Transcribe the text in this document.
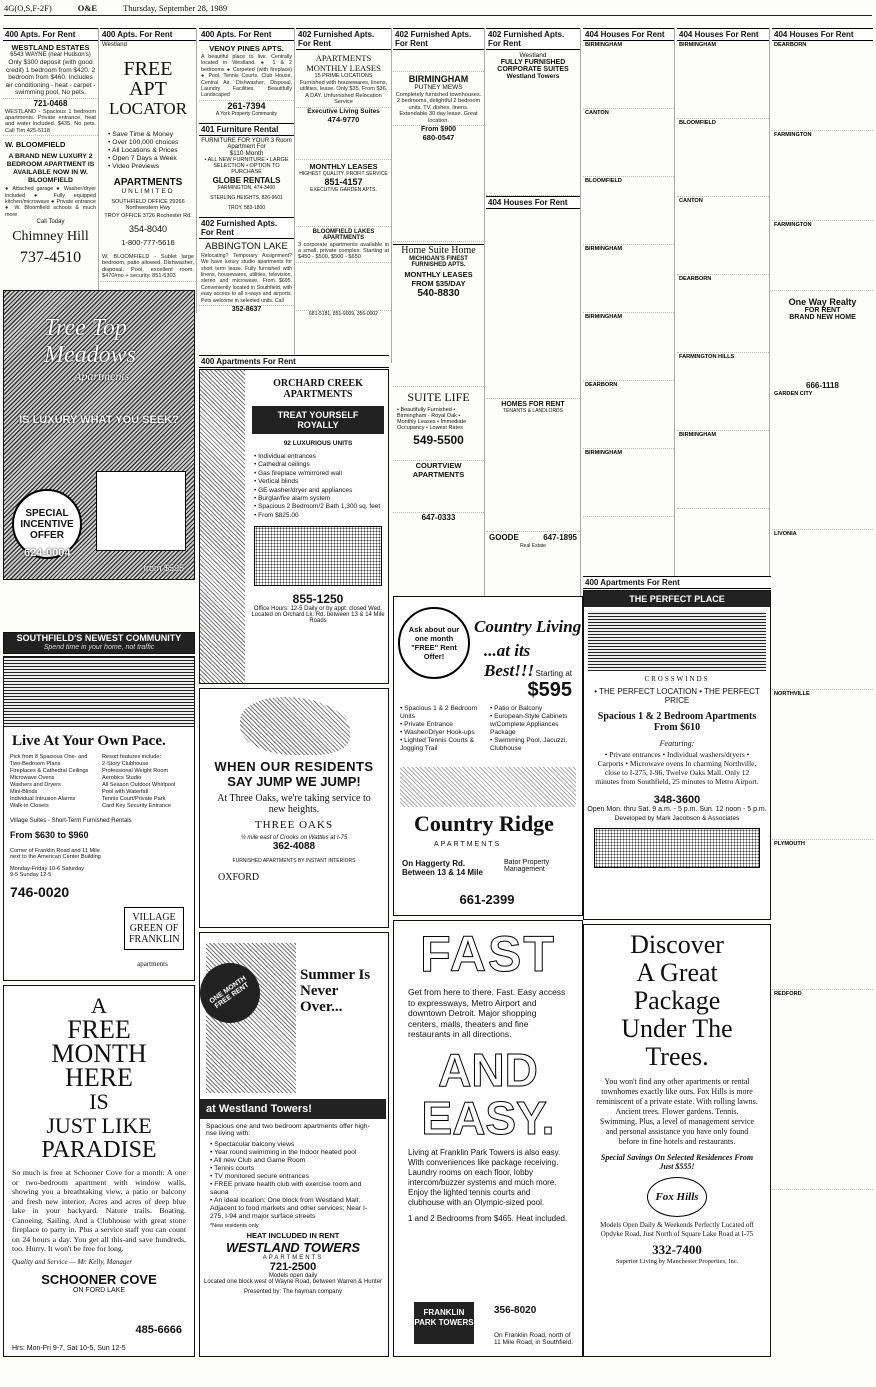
4G(O,S,F-2F)	O&E	Thursday, September 28, 1989
400 Apts. For Rent
WESTLAND ESTATES
6543 WAYNE (near Hudson's)
Only $300 deposit (with good credit) 1 bedroom from $420. 2 bedroom from $460. Includes air conditioning - heat - carpet - swimming pool, No pets.
721-0468
WESTLAND - Spacious 1 bedroom apartments. Private entrance, heat and water included. $435. No pets. Call Tim 425-5118
W. BLOOMFIELD
A BRAND NEW LUXURY 2 BEDROOM APARTMENT IS AVAILABLE NOW IN W. BLOOMFIELD
● Attached garage ● Washer/dryer included ● Fully equipped kitchen/microwave ● Private entrance ● W. Bloomfield schools & much more
Call Today
Chimney Hill
737-4510
400 Apts. For Rent
Westland
FREE
APT
LOCATOR
• Save Time & Money
• Over 100,000 choices
• All Locations & Prices
• Open 7 Days a Week
• Video Previews
APARTMENTS
UNLIMITED
SOUTHFIELD OFFICE 29266 Northwestern Hwy
TROY OFFICE 3726 Rochester Rd.
354-8040
1-800-777-5616
W. BLOOMFIELD - Sublet large bedroom, patio allowed. Dishwasher, disposal. Pool, excellent room. $470/mo + security. 851-5303
400 Apts. For Rent
VENOY PINES APTS.
A beautiful place to live. Centrally located in Westland. ● 1 & 2 bedrooms ● Carpeted (with fireplace) ● Pool, Tennis Courts, Club House, Central Air, Dishwasher, Disposal, Laundry Facilities. Beautifully Landscaped
261-7394
A York Property Community
401 Furniture Rental
FURNITURE FOR YOUR 3 Room Apartment For
$110 Month
• ALL NEW FURNITURE • LARGE SELECTION • OPTION TO PURCHASE
GLOBE RENTALS
FARMINGTON, 474-3400
STERLING HEIGHTS, 826-9601
TROY, 583-1800
402 Furnished Apts. For Rent
ABBINGTON LAKE
Relocating? Temporary Assignment? We have luxury studio apartments for short term lease. Fully furnished with linens, housewares, utilities, television, stereo and microwave. From $695. Conveniently located in Southfield, with easy access to all x-ways and airports. Pets welcome in selected units. Call
352-8637
402 Furnished Apts. For Rent
APARTMENTS MONTHLY LEASES
15 PRIME LOCATIONS
Furnished with housewares, linens, utilities, lease. Only $35. From $36. A DAY. Unfurnished Relocation Service
Executive Living Suites
474-9770
MONTHLY LEASES
HIGHEST QUALITY. PROFIT SERVICE
851-4157
EXECUTIVE GARDEN APTS.
BLOOMFIELD LAKES APARTMENTS
3 corporate apartments available in a small, private complex. Starting at $450 - $500, $500 - $650
681-5181, 851-9009, 356-0002
402 Furnished Apts. For Rent
BIRMINGHAM
PUTNEY MEWS
Completely furnished townhouses. 2 bedrooms, delightful 2 bedroom units, TV, dishes, linens. Extendable 30 day lease. Great location.
From $900
680-0547
Home Suite Home
MICHIGAN'S FINEST FURNISHED APTS.
MONTHLY LEASES
FROM $35/DAY
540-8830
SUITE LIFE
• Beautifully Furnished • Birmingham - Royal Oak • Monthly Leases • Immediate Occupancy • Lowest Rates
549-5500
COURTVIEW APARTMENTS
647-0333
402 Furnished Apts. For Rent
Westland
FULLY FURNISHED CORPORATE SUITES
Westland Towers
404 Houses For Rent
HOMES FOR RENT
TENANTS & LANDLORDS
GOODE	647-1895
Real Estate
404 Houses For Rent
BIRMINGHAM
CANTON
BLOOMFIELD
BIRMINGHAM
BIRMINGHAM
DEARBORN
BIRMINGHAM
404 Houses For Rent
BIRMINGHAM
BLOOMFIELD
CANTON
DEARBORN
FARMINGTON HILLS
BIRMINGHAM
404 Houses For Rent
DEARBORN
FARMINGTON
FARMINGTON
One Way Realty
FOR RENT
BRAND NEW HOME
666-1118
GARDEN CITY
LIVONIA
NORTHVILLE
PLYMOUTH
REDFORD
Tree Top Meadows
Apartments
IS LUXURY WHAT YOU SEEK?
SPECIAL INCENTIVE OFFER
624-0004
from $595
SOUTHFIELD'S NEWEST COMMUNITY
Spend time in your home, not traffic
Live At Your Own Pace.
Pick from 8 Spacious One- and Two-Bedroom Plans
Fireplaces & Cathedral Ceilings
Microwave Ovens
Washers and Dryers
Mini-Blinds
Individual Intrusion Alarms
Walk-in Closets
Resort features include:
2-Story Clubhouse
Professional Weight Room
Aerobics Studio
All Season Outdoor Whirlpool
Pool with Waterfall
Tennis Court/Private Park
Card Key Security Entrance
Village Suites - Short-Term Furnished Rentals
From $630 to $960
Corner of Franklin Road and 11 Mile next to the American Center Building
Monday-Friday 10-6 Saturday 9-5 Sunday 12-5
746-0020
VILLAGE GREEN OF FRANKLIN
apartments
A
FREE
MONTH
HERE
IS
JUST LIKE
PARADISE
So much is free at Schooner Cove for a month: A one or two-bedroom apartment with window walls, showing you a breathtaking view, a patio or balcony and fresh new interior. Acres and acres of deep blue lake in your backyard. Nature trails. Boating. Canoeing. Sailing. And a Clubhouse with great stone fireplace to party in. Plus a service staff you can count on 24 hours a day. You get all this-and save hundreds, too. Hurry. It won't be free for long.
Quality and Service — Mr. Kelly, Manager
SCHOONER COVE
ON FORD LAKE
485-6666
Hrs: Mon-Fri 9-7, Sat 10-5, Sun 12-5
400 Apartments For Rent
ORCHARD CREEK APARTMENTS
TREAT YOURSELF ROYALLY
92 LUXURIOUS UNITS
• Individual entrances
• Cathedral ceilings
• Gas fireplace w/mirrored wall
• Vertical blinds
• GE washer/dryer and appliances
• Burglar/fire alarm system
• Spacious 2 Bedroom/2 Bath 1,300 sq. feet
• From $825.00
855-1250
Office Hours: 12-5 Daily or by appt. closed Wed.
Located on Orchard Lk. Rd. between 13 & 14 Mile Roads
WHEN OUR RESIDENTS
SAY JUMP WE JUMP!
At Three Oaks, we're taking service to new heights.
THREE OAKS
¼ mile east of Crooks on Wattles at I-75
362-4088
FURNISHED APARTMENTS BY INSTANT INTERIORS
OXFORD
ONE MONTH FREE RENT
Summer Is Never Over...
at Westland Towers!
Spacious one and two bedroom apartments offer high-rise living with:
• Spectacular balcony views
• Year round swimming in the Indoor heated pool
• All new Club and Game Room
• Tennis courts
• TV monitored secure entrances
• FREE private health club with exercise room and sauna
• An ideal location: One block from Westland Mall; Adjacent to food markets and other services; Near I-275, I-94 and major surface streets
*New residents only
HEAT INCLUDED IN RENT
WESTLAND TOWERS
APARTMENTS
721-2500
Models open daily
Located one block west of Wayne Road, between Warren & Hunter
Presented by: The hayman company
Ask about our one month "FREE" Rent Offer!
Country Living
...at its Best!!! Starting at
$595
• Spacious 1 & 2 Bedroom Units
• Private Entrance
• Washer/Dryer Hook-ups
• Lighted Tennis Courts & Jogging Trail
• Patio or Balcony
• European-Style Cabinets w/Complete Appliances Package
• Swimming Pool, Jacuzzi, Clubhouse
Country Ridge
APARTMENTS
On Haggerty Rd. Between 13 & 14 Mile
Bator Property Management
661-2399
FAST
Get from here to there. Fast. Easy access to expressways, Metro Airport and downtown Detroit. Major shopping centers, malls, theaters and fine restaurants in all directions.
AND
EASY.
Living at Franklin Park Towers is also easy. With conveniences like package receiving. Laundry rooms on each floor, lobby intercom/buzzer systems and much more. Enjoy the lighted tennis courts and clubhouse with an Olympic-sized pool.
1 and 2 Bedrooms from $465. Heat included.
FRANKLIN PARK TOWERS
356-8020
On Franklin Road, north of 11 Mile Road, in Southfield.
400 Apartments For Rent
THE PERFECT PLACE
CROSSWINDS
• THE PERFECT LOCATION • THE PERFECT PRICE
Spacious 1 & 2 Bedroom Apartments From $610
Featuring:
• Private entrances • Individual washers/dryers • Carports • Microwave ovens In charming Northville, close to I-275, I-96, Twelve Oaks Mall. Only 12 minutes from Southfield, 25 minutes to Metro Airport.
348-3600
Open Mon. thru Sat. 9 a.m. - 5 p.m. Sun. 12 noon - 5 p.m.
Developed by Mark Jacobson & Associates
Discover
A Great
Package
Under The
Trees.
You won't find any other apartments or rental townhomes exactly like ours. Fox Hills is more reminiscent of a private estate. With rolling lawns. Ancient trees. Flower gardens. Tennis. Swimming. Plus, a level of management service and personal assistance you have only found before in fine hotels and restaurants.
Special Savings On Selected Residences From Just $555!
Fox Hills
Models Open Daily & Weekends Perfectly Located off Opdyke Road, Just North of Square Lake Road at I-75
332-7400
Superior Living by Manchester Properties, Inc.
